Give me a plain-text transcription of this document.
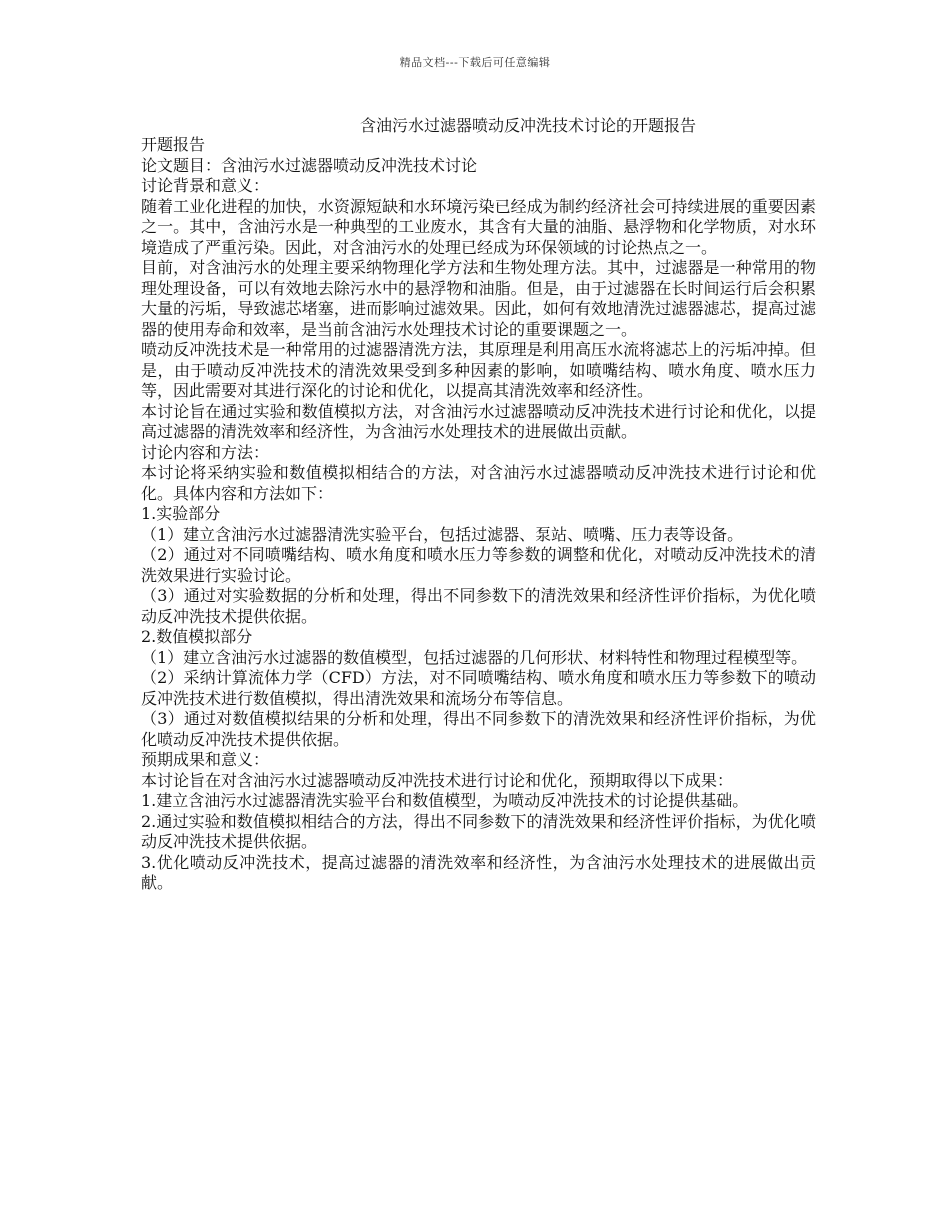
精品文档---下载后可任意编辑
含油污水过滤器喷动反冲洗技术讨论的开题报告

开题报告

论文题目：含油污水过滤器喷动反冲洗技术讨论

讨论背景和意义：

随着工业化进程的加快，水资源短缺和水环境污染已经成为制约经济社会可持续进展的重要因素之一。其中，含油污水是一种典型的工业废水，其含有大量的油脂、悬浮物和化学物质，对水环境造成了严重污染。因此，对含油污水的处理已经成为环保领域的讨论热点之一。

目前，对含油污水的处理主要采纳物理化学方法和生物处理方法。其中，过滤器是一种常用的物理处理设备，可以有效地去除污水中的悬浮物和油脂。但是，由于过滤器在长时间运行后会积累大量的污垢，导致滤芯堵塞，进而影响过滤效果。因此，如何有效地清洗过滤器滤芯，提高过滤器的使用寿命和效率，是当前含油污水处理技术讨论的重要课题之一。

喷动反冲洗技术是一种常用的过滤器清洗方法，其原理是利用高压水流将滤芯上的污垢冲掉。但是，由于喷动反冲洗技术的清洗效果受到多种因素的影响，如喷嘴结构、喷水角度、喷水压力等，因此需要对其进行深化的讨论和优化，以提高其清洗效率和经济性。

本讨论旨在通过实验和数值模拟方法，对含油污水过滤器喷动反冲洗技术进行讨论和优化，以提高过滤器的清洗效率和经济性，为含油污水处理技术的进展做出贡献。

讨论内容和方法：

本讨论将采纳实验和数值模拟相结合的方法，对含油污水过滤器喷动反冲洗技术进行讨论和优化。具体内容和方法如下：

1.实验部分

（1）建立含油污水过滤器清洗实验平台，包括过滤器、泵站、喷嘴、压力表等设备。

（2）通过对不同喷嘴结构、喷水角度和喷水压力等参数的调整和优化，对喷动反冲洗技术的清洗效果进行实验讨论。

（3）通过对实验数据的分析和处理，得出不同参数下的清洗效果和经济性评价指标，为优化喷动反冲洗技术提供依据。

2.数值模拟部分

（1）建立含油污水过滤器的数值模型，包括过滤器的几何形状、材料特性和物理过程模型等。

（2）采纳计算流体力学（CFD）方法，对不同喷嘴结构、喷水角度和喷水压力等参数下的喷动反冲洗技术进行数值模拟，得出清洗效果和流场分布等信息。

（3）通过对数值模拟结果的分析和处理，得出不同参数下的清洗效果和经济性评价指标，为优化喷动反冲洗技术提供依据。

预期成果和意义：

本讨论旨在对含油污水过滤器喷动反冲洗技术进行讨论和优化，预期取得以下成果：

1.建立含油污水过滤器清洗实验平台和数值模型，为喷动反冲洗技术的讨论提供基础。

2.通过实验和数值模拟相结合的方法，得出不同参数下的清洗效果和经济性评价指标，为优化喷动反冲洗技术提供依据。

3.优化喷动反冲洗技术，提高过滤器的清洗效率和经济性，为含油污水处理技术的进展做出贡献。
